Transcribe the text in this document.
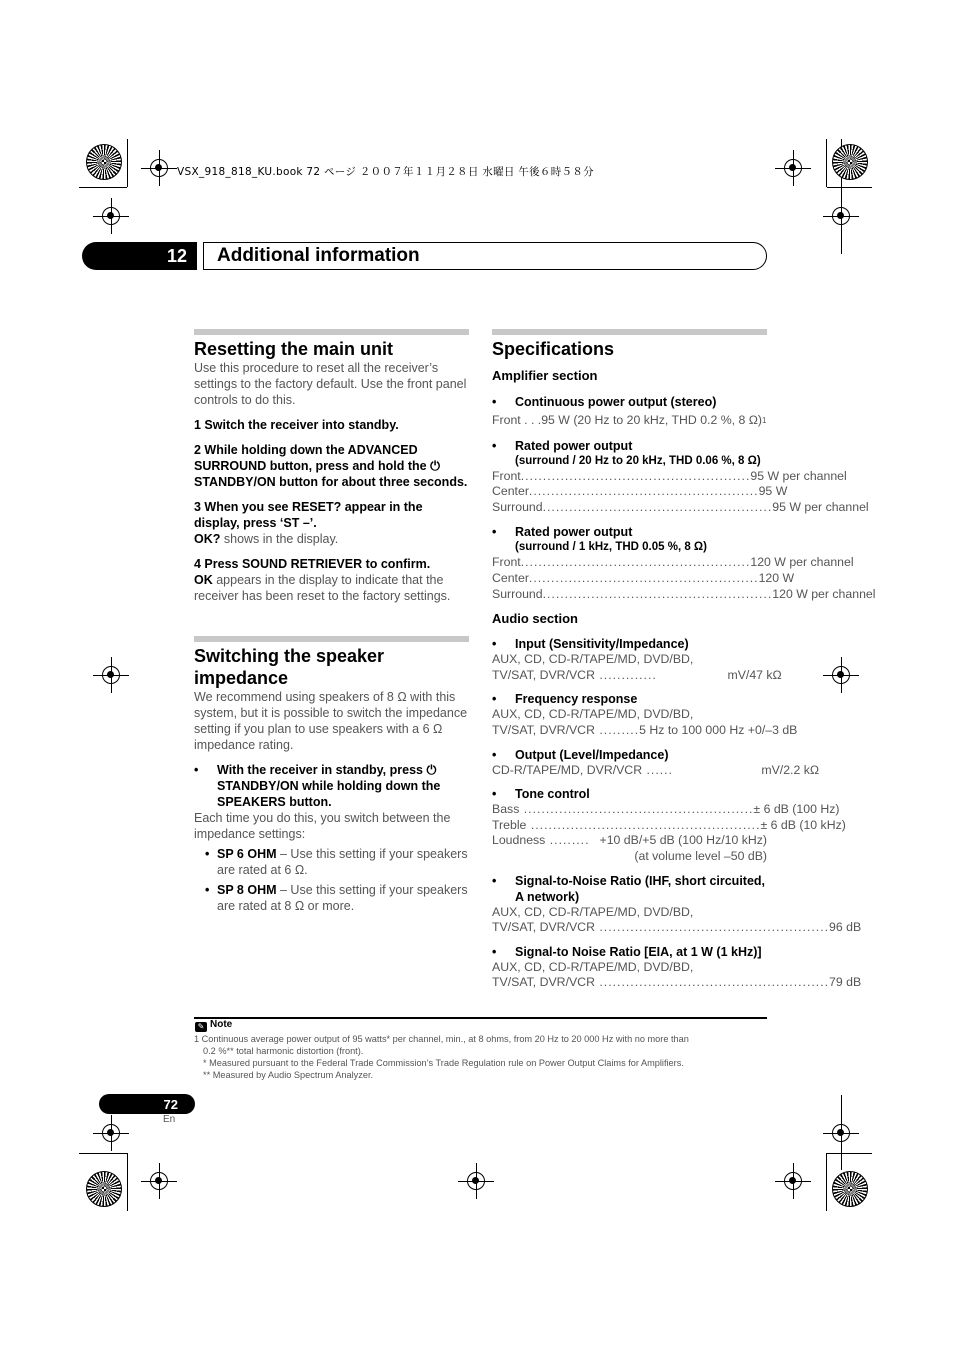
VSX_918_818_KU.book 72 ページ ２００７年１１月２８日 水曜日 午後６時５８分
12	Additional information
Resetting the main unit

Use this procedure to reset all the receiver’s settings to the factory default. Use the front panel controls to do this.

1 Switch the receiver into standby.

2 While holding down the ADVANCED SURROUND button, press and hold the ⏻ STANDBY/ON button for about three seconds.

3 When you see RESET? appear in the display, press ‘ST –’.

OK? shows in the display.

4 Press SOUND RETRIEVER to confirm.

OK appears in the display to indicate that the receiver has been reset to the factory settings.

Switching the speaker impedance

We recommend using speakers of 8 Ω with this system, but it is possible to switch the impedance setting if you plan to use speakers with a 6 Ω impedance rating.

• With the receiver in standby, press ⏻ STANDBY/ON while holding down the SPEAKERS button.

Each time you do this, you switch between the impedance settings:

• SP 6 OHM – Use this setting if your speakers are rated at 6 Ω.
• SP 8 OHM – Use this setting if your speakers are rated at 8 Ω or more.
Specifications
Amplifier section
• Continuous power output (stereo)
Front . . .95 W (20 Hz to 20 kHz, THD 0.2 %, 8 Ω) 1
• Rated power output
(surround / 20 Hz to 20 kHz, THD 0.06 %, 8 Ω)
Front .................................................... 95 W per channel
Center .................................................... 95 W
Surround .................................................... 95 W per channel
• Rated power output
(surround / 1 kHz, THD 0.05 %, 8 Ω)
Front .................................................... 120 W per channel
Center .................................................... 120 W
Surround .................................................... 120 W per channel
Audio section
• Input (Sensitivity/Impedance)
AUX, CD, CD-R/TAPE/MD, DVD/BD,
TV/SAT, DVR/VCR ............. mV/47 kΩ
• Frequency response
AUX, CD, CD-R/TAPE/MD, DVD/BD,
TV/SAT, DVR/VCR ......... 5 Hz to 100 000 Hz +0/–3 dB
• Output (Level/Impedance)
CD-R/TAPE/MD, DVR/VCR ...... mV/2.2 kΩ
• Tone control
Bass .................................................... ± 6 dB (100 Hz)
Treble .................................................... ± 6 dB (10 kHz)
Loudness ......... +10 dB/+5 dB (100 Hz/10 kHz)
(at volume level –50 dB)
• Signal-to-Noise Ratio (IHF, short circuited, A network)
AUX, CD, CD-R/TAPE/MD, DVD/BD,
TV/SAT, DVR/VCR .................................................... 96 dB
• Signal-to Noise Ratio [EIA, at 1 W (1 kHz)]
AUX, CD, CD-R/TAPE/MD, DVD/BD,
TV/SAT, DVR/VCR .................................................... 79 dB
✎ Note
1 Continuous average power output of 95 watts* per channel, min., at 8 ohms, from 20 Hz to 20 000 Hz with no more than
0.2 %** total harmonic distortion (front).
* Measured pursuant to the Federal Trade Commission’s Trade Regulation rule on Power Output Claims for Amplifiers.
** Measured by Audio Spectrum Analyzer.
72
En
